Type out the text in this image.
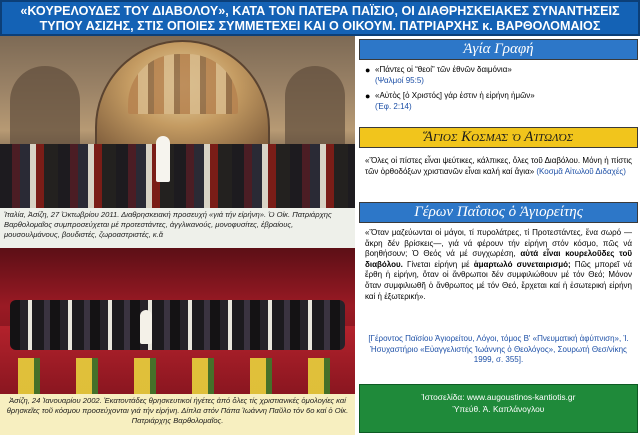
«ΚΟΥΡΕΛΟΥΔΕΣ ΤΟΥ ΔΙΑΒΟΛΟΥ», ΚΑΤΑ ΤΟΝ ΠΑΤΕΡΑ ΠΑΪΣΙΟ, ΟΙ ΔΙΑΘΡΗΣΚΕΙΑΚΕΣ ΣΥΝΑΝΤΗΣΕΙΣ
ΤΥΠΟΥ ΑΣΙΖΗΣ, ΣΤΙΣ ΟΠΟΙΕΣ ΣΥΜΜΕΤΕΧΕΙ ΚΑΙ Ο ΟΙΚΟΥΜ. ΠΑΤΡΙΑΡΧΗΣ κ. ΒΑΡΘΟΛΟΜΑΙΟΣ
Ἰταλία, Ἀσίζη, 27 Ὀκτωβρίου 2011. Διαθρησκειακή προσευχή «γιά τήν εἰρήνη». Ὁ Οἰκ. Πατριάρχης Βαρθολομαῖος συμπροσεύχεται μέ προτεστάντες, ἀγγλικανούς, μονοφυσίτες, ἑβραίους, μουσουλμάνους, βουδιστές, ζωροαστριστές, κ.ἄ
Ἀσίζη, 24 Ἰανουαρίου 2002. Ἑκατοντάδες θρησκευτικοί ἡγέτες ἀπό ὅλες τίς χριστιανικές ὁμολογίες καί θρησκεῖες τοῦ κόσμου προσεύχονται γιά τήν εἰρήνη. Δίπλα στόν Πάπα Ἰωάννη Παῦλο τόν 6ο καί ὁ Οἰκ. Πατριάρχης Βαρθολομαῖος.
Ἁγία Γραφή
● «Πάντες οἱ “θεοί” τῶν ἐθνῶν δαιμόνια»
(Ψαλμοί 95:5)
● «Αὐτὸς [ὁ Χριστός] γάρ ἐστιν ἡ εἰρήνη ἡμῶν»
(Ἐφ. 2:14)
Ἅγιος Κοσμᾶς ὁ Αἰτωλός
«Ὅλες οἱ πίστες εἶναι ψεύτικες, κάλπικες, ὅλες τοῦ Διαβόλου. Μόνη ἡ πίστις τῶν ὀρθοδόξων χριστιανῶν εἶναι καλή καί ἅγια» (Κοσμᾶ Αἰτωλοῦ Διδαχές)
Γέρων Παΐσιος ὁ Ἁγιορείτης
«Ὅταν μαζεύωνται οἱ μάγοι, τί πυρολάτρες, τί Προτεστάντες, ἕνα σωρό —ἄκρη δέν βρίσκεις—, γιά νά φέρουν τήν εἰρήνη στόν κόσμο, πῶς νά βοηθήσουν; Ὁ Θεός νά μέ συγχωρέση, αὐτά εἶναι κουρελοῦδες τοῦ διαβόλου. Γίνεται εἰρήνη μέ ἁμαρτωλό συνεταιρισμό; Πῶς μπορεῖ νά ἔρθη ἡ εἰρήνη, ὅταν οἱ ἄνθρωποι δέν συμφιλιώθουν μέ τόν Θεό; Μόνον ὅταν συμφιλιωθῆ ὁ ἄνθρωπος μέ τόν Θεό, ἔρχεται καί ἡ ἐσωτερική εἰρήνη καί ἡ ἐξωτερική».
[Γέροντος Παϊσίου Ἁγιορείτου, Λόγοι, τόμος Β' «Πνευματική ἀφύπνιση», Ἱ. Ἡσυχαστήριο «Εὐαγγελιστής Ἰωάννης ὁ Θεολόγος», Σουρωτή Θεσ/νίκης 1999, σ. 355].
Ἱστοσελίδα: www.augoustinos-kantiotis.gr
Ὑπεύθ. Ἀ. Καπλάνογλου
